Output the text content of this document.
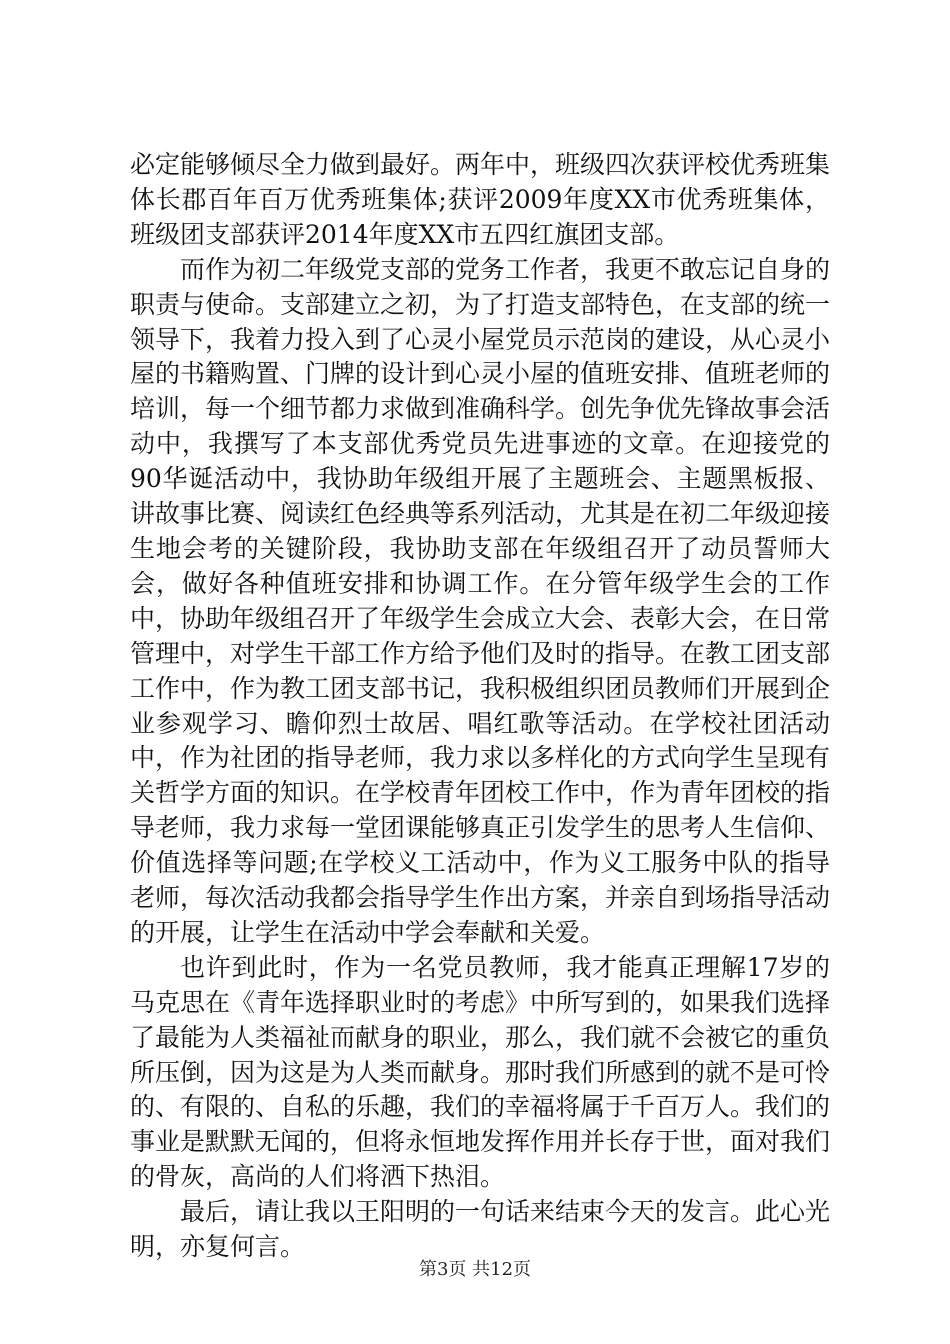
必定能够倾尽全力做到最好。两年中，班级四次获评校优秀班集体长郡百年百万优秀班集体;获评2009年度XX市优秀班集体，班级团支部获评2014年度XX市五四红旗团支部。

而作为初二年级党支部的党务工作者，我更不敢忘记自身的职责与使命。支部建立之初，为了打造支部特色，在支部的统一领导下，我着力投入到了心灵小屋党员示范岗的建设，从心灵小屋的书籍购置、门牌的设计到心灵小屋的值班安排、值班老师的培训，每一个细节都力求做到准确科学。创先争优先锋故事会活动中，我撰写了本支部优秀党员先进事迹的文章。在迎接党的90华诞活动中，我协助年级组开展了主题班会、主题黑板报、讲故事比赛、阅读红色经典等系列活动，尤其是在初二年级迎接生地会考的关键阶段，我协助支部在年级组召开了动员誓师大会，做好各种值班安排和协调工作。在分管年级学生会的工作中，协助年级组召开了年级学生会成立大会、表彰大会，在日常管理中，对学生干部工作方给予他们及时的指导。在教工团支部工作中，作为教工团支部书记，我积极组织团员教师们开展到企业参观学习、瞻仰烈士故居、唱红歌等活动。在学校社团活动中，作为社团的指导老师，我力求以多样化的方式向学生呈现有关哲学方面的知识。在学校青年团校工作中，作为青年团校的指导老师，我力求每一堂团课能够真正引发学生的思考人生信仰、价值选择等问题;在学校义工活动中，作为义工服务中队的指导老师，每次活动我都会指导学生作出方案，并亲自到场指导活动的开展，让学生在活动中学会奉献和关爱。

也许到此时，作为一名党员教师，我才能真正理解17岁的马克思在《青年选择职业时的考虑》中所写到的，如果我们选择了最能为人类福祉而献身的职业，那么，我们就不会被它的重负所压倒，因为这是为人类而献身。那时我们所感到的就不是可怜的、有限的、自私的乐趣，我们的幸福将属于千百万人。我们的事业是默默无闻的，但将永恒地发挥作用并长存于世，面对我们的骨灰，高尚的人们将洒下热泪。

最后，请让我以王阳明的一句话来结束今天的发言。此心光明，亦复何言。

第3页 共12页
